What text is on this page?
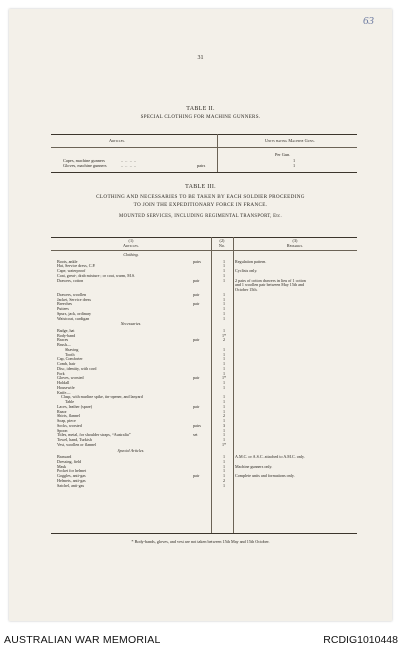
63
31
TABLE II.
SPECIAL CLOTHING FOR MACHINE GUNNERS.
Articles.	Units having Machine Guns.
Per Gun.
Capes, machine gunners	..  ..  ..  ..	1
Gloves, machine gunners	..  ..  ..  ..	pairs	1
TABLE III.
CLOTHING AND NECESSARIES TO BE TAKEN BY EACH SOLDIER PROCEEDING
TO JOIN THE EXPEDITIONARY FORCE IN FRANCE.
MOUNTED SERVICES, INCLUDING REGIMENTAL TRANSPORT, Etc.
(1)
Articles.
(2)
No.
(3)
Remarks.
Clothing.
Boots, ankle	pairs	1	Regulation pattern.
Hat, Service dress, C.P.	1
Cape, waterproof	1	Cyclists only.
Coat, great-, drab mixture ; or coat, warm, M.S.	1
Drawers, cotton	pair	1	2 pairs of cotton drawers in lieu of 1 cotton
and 1 woollen pair between May 15th and
October 15th.
Drawers, woollen	pair	1
Jacket, Service dress	1
Breeches	pair	1
Puttees	1
Spurs, jack, ordinary	1
Waistcoat, cardigan	1
Necessaries.
Badge, hat	1
Body-band	1*
Braces	pair	2
Brush—
Shaving	1
Tooth	1
Cap, Comforter	1
Comb, hair	1
Disc, identity, with cord	1
Fork	1
Gloves, worsted	pair	1*
Holdall	1
Housewife	1
Knife—
Clasp, with marline spike, tin-opener, and lanyard	1
Table	1
Laces, leather (spare)	pair	1
Razor	1
Shirts, flannel	2
Soap, piece	1
Socks, worsted	pairs	3
Spoon	1
Titles, metal, for shoulder straps, “Australia”	set	1
Towel, hand, Turkish	1
Vest, woollen or flannel	1*
Special Articles.
Brassard	1	A.M.C. or A.S.C. attached to A.M.C. only.
Dressing, field	1
Mask	1	Machine gunners only.
Pocket for helmet	1
Goggles, anti-gas	pair	1	Complete units and formations only.
Helmets, anti-gas	2
Satchel, anti-gas	1
* Body-bands, gloves, and vest are not taken between 15th May and 15th October.
AUSTRALIAN WAR MEMORIAL	RCDIG1010448
